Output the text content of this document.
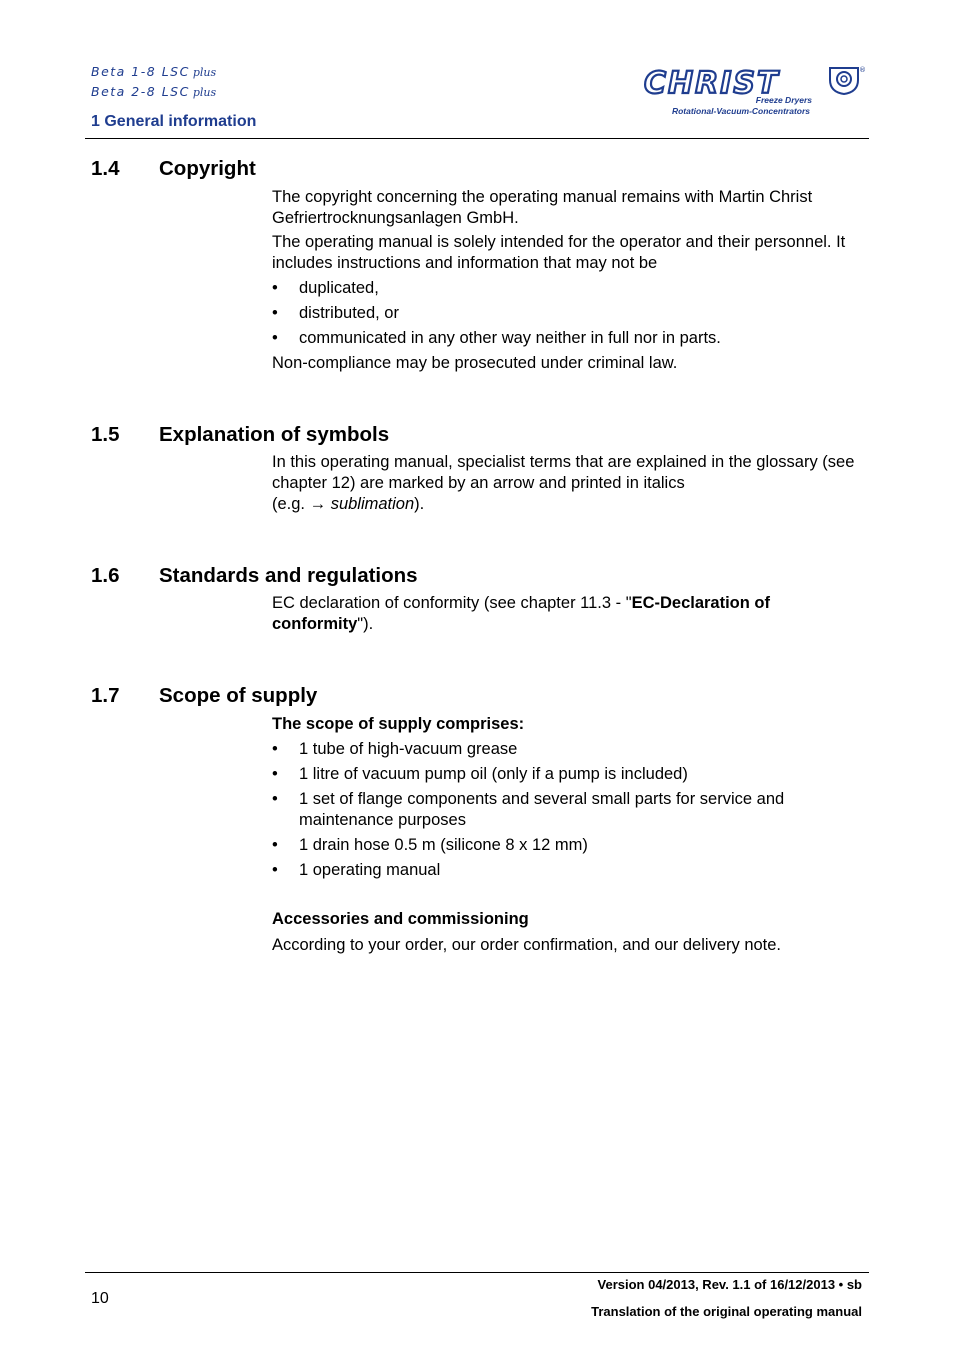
Beta 1-8 LSC plus
Beta 2-8 LSC plus
1 General information
CHRIST	®
Freeze Dryers
Rotational-Vacuum-Concentrators
1.4 Copyright
The copyright concerning the operating manual remains with Martin Christ Gefriertrocknungsanlagen GmbH.
The operating manual is solely intended for the operator and their personnel. It includes instructions and information that may not be
• duplicated,
• distributed, or
• communicated in any other way neither in full nor in parts.
Non-compliance may be prosecuted under criminal law.
1.5 Explanation of symbols
In this operating manual, specialist terms that are explained in the glossary (see chapter 12) are marked by an arrow and printed in italics
(e.g. → sublimation).
1.6 Standards and regulations
EC declaration of conformity (see chapter 11.3 - "EC-Declaration of conformity").
1.7 Scope of supply
The scope of supply comprises:
• 1 tube of high-vacuum grease
• 1 litre of vacuum pump oil (only if a pump is included)
• 1 set of flange components and several small parts for service and maintenance purposes
• 1 drain hose 0.5 m (silicone 8 x 12 mm)
• 1 operating manual
Accessories and commissioning
According to your order, our order confirmation, and our delivery note.
10
Version 04/2013, Rev. 1.1 of 16/12/2013 • sb
Translation of the original operating manual
